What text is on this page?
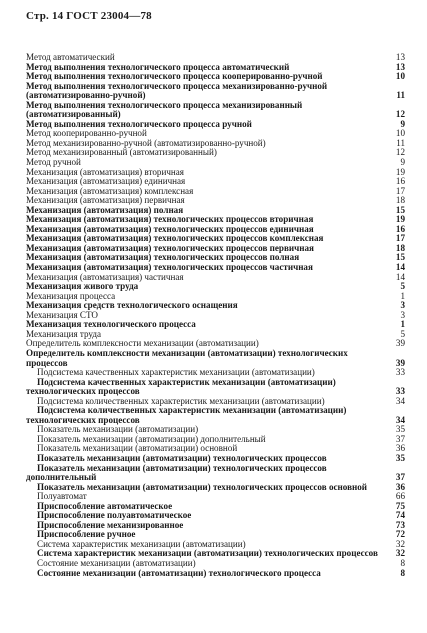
Стр. 14 ГОСТ 23004—78
Метод автоматический	13
Метод выполнения технологического процесса автоматический	13
Метод выполнения технологического процесса кооперированно-ручной	10
Метод выполнения технологического процесса механизированно-ручной (автоматизированно-ручной)	11
Метод выполнения технологического процесса механизированный (автоматизированный)	12
Метод выполнения технологического процесса ручной	9
Метод кооперированно-ручной	10
Метод механизированно-ручной (автоматизированно-ручной)	11
Метод механизированный (автоматизированный)	12
Метод ручной	9
Механизация (автоматизация) вторичная	19
Механизация (автоматизация) единичная	16
Механизация (автоматизация) комплексная	17
Механизация (автоматизация) первичная	18
Механизация (автоматизация) полная	15
Механизация (автоматизация) технологических процессов вторичная	19
Механизация (автоматизация) технологических процессов единичная	16
Механизация (автоматизация) технологических процессов комплексная	17
Механизация (автоматизация) технологических процессов первичная	18
Механизация (автоматизация) технологических процессов полная	15
Механизация (автоматизация) технологических процессов частичная	14
Механизация (автоматизация) частичная	14
Механизация живого труда	5
Механизация процесса	1
Механизация средств технологического оснащения	3
Механизация СТО	3
Механизация технологического процесса	1
Механизация труда	5
Определитель комплексности механизации (автоматизации)	39
Определитель комплексности механизации (автоматизации) технологических процессов	39
Подсистема качественных характеристик механизации (автоматизации)	33
Подсистема качественных характеристик механизации (автоматизации) технологических процессов	33
Подсистема количественных характеристик механизации (автоматизации)	34
Подсистема количественных характеристик механизации (автоматизации) технологических процессов	34
Показатель механизации (автоматизации)	35
Показатель механизации (автоматизации) дополнительный	37
Показатель механизации (автоматизации) основной	36
Показатель механизации (автоматизации) технологических процессов	35
Показатель механизации (автоматизации) технологических процессов дополнительный	37
Показатель механизации (автоматизации) технологических процессов основной	36
Полуавтомат	66
Приспособление автоматическое	75
Приспособление полуавтоматическое	74
Приспособление механизированное	73
Приспособление ручное	72
Система характеристик механизации (автоматизации)	32
Система характеристик механизации (автоматизации) технологических процессов	32
Состояние механизации (автоматизации)	8
Состояние механизации (автоматизации) технологического процесса	8
